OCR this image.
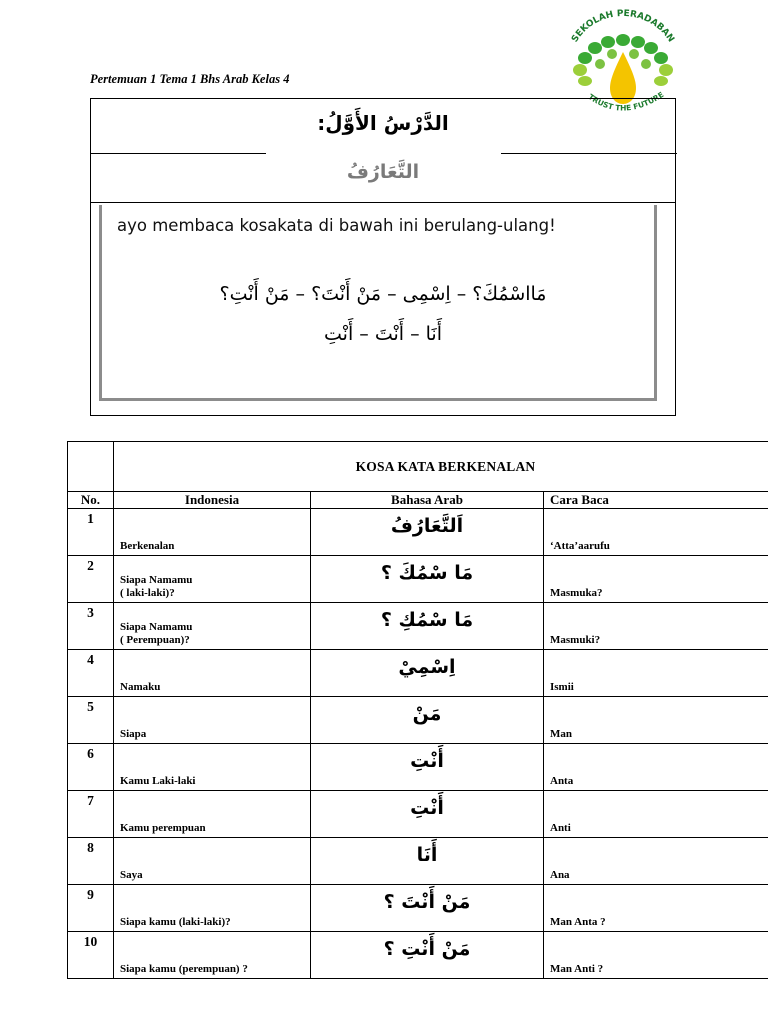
Pertemuan 1 Tema 1 Bhs Arab Kelas 4
SEKOLAH PERADABAN
TRUST THE FUTURE
الدَّرْسُ الأَوَّلُ:
التَّعَارُفُ
ayo membaca kosakata di bawah ini berulang-ulang!
مَااسْمُكَ؟ – اِسْمِى – مَنْ أَنْتَ؟ – مَنْ أَنْتِ؟
أَنَا – أَنْتَ – أَنْتِ
	KOSA KATA BERKENALAN		
No.	Indonesia	Bahasa Arab	Cara Baca
1	Berkenalan	اَلتَّعَارُفُ	‘Atta’aarufu

2	Siapa Namamu
( laki-laki)?	مَا سْمُكَ ؟	Masmuka?

3	Siapa Namamu
( Perempuan)?	مَا سْمُكِ ؟	Masmuki?

4	Namaku	اِسْمِيْ	Ismii

5	Siapa	مَنْ	Man

6	Kamu Laki-laki	أَنْتِ	Anta

7	Kamu perempuan	أَنْتِ	Anti

8	Saya	أَنَا	Ana

9	Siapa kamu (laki-laki)?	مَنْ أَنْتَ ؟	Man Anta ?

10	Siapa kamu (perempuan) ?	مَنْ أَنْتِ ؟	Man Anti ?
